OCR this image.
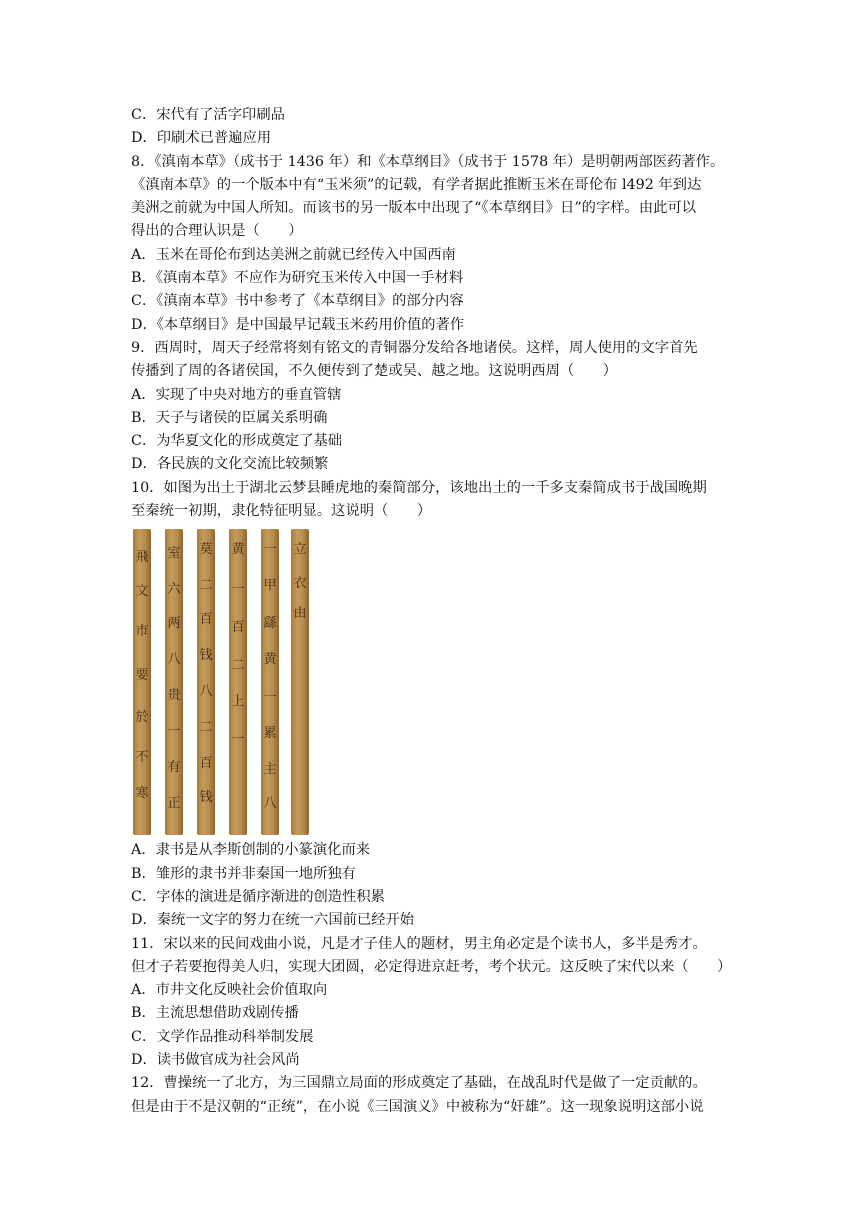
C．宋代有了活字印刷品
D．印刷术已普遍应用
8．《滇南本草》（成书于 1436 年）和《本草纲目》（成书于 1578 年）是明朝两部医药著作。
《滇南本草》的一个版本中有“玉米须”的记载，有学者据此推断玉米在哥伦布 l492 年到达
美洲之前就为中国人所知。而该书的另一版本中出现了“《本草纲目》日”的字样。由此可以
得出的合理认识是（　　）
A．玉米在哥伦布到达美洲之前就已经传入中国西南
B．《滇南本草》不应作为研究玉米传入中国一手材料
C．《滇南本草》书中参考了《本草纲目》的部分内容
D．《本草纲目》是中国最早记载玉米药用价值的著作
9．西周时，周天子经常将刻有铭文的青铜器分发给各地诸侯。这样，周人使用的文字首先
传播到了周的各诸侯国，不久便传到了楚或吴、越之地。这说明西周（　　）
A．实现了中央对地方的垂直管辖
B．天子与诸侯的臣属关系明确
C．为华夏文化的形成奠定了基础
D．各民族的文化交流比较频繁
10．如图为出土于湖北云梦县睡虎地的秦简部分，该地出土的一千多支秦简成书于战国晚期
至秦统一初期，隶化特征明显。这说明（　　）
飛
文
市
要
於
不
寒
室
六
两
八
贵
一
有
正
莫
二
百
钱
八
二
百
钱
黄
一
百
二
上
一
一
甲
繇
黄
一
累
主
八
立
衣
由
A．隶书是从李斯创制的小篆演化而来
B．雏形的隶书并非秦国一地所独有
C．字体的演进是循序渐进的创造性积累
D．秦统一文字的努力在统一六国前已经开始
11．宋以来的民间戏曲小说，凡是才子佳人的题材，男主角必定是个读书人，多半是秀才。
但才子若要抱得美人归，实现大团圆，必定得进京赶考，考个状元。这反映了宋代以来（　　）
A．市井文化反映社会价值取向
B．主流思想借助戏剧传播
C．文学作品推动科举制发展
D．读书做官成为社会风尚
12．曹操统一了北方，为三国鼎立局面的形成奠定了基础，在战乱时代是做了一定贡献的。
但是由于不是汉朝的“正统”，在小说《三国演义》中被称为“奸雄”。这一现象说明这部小说
